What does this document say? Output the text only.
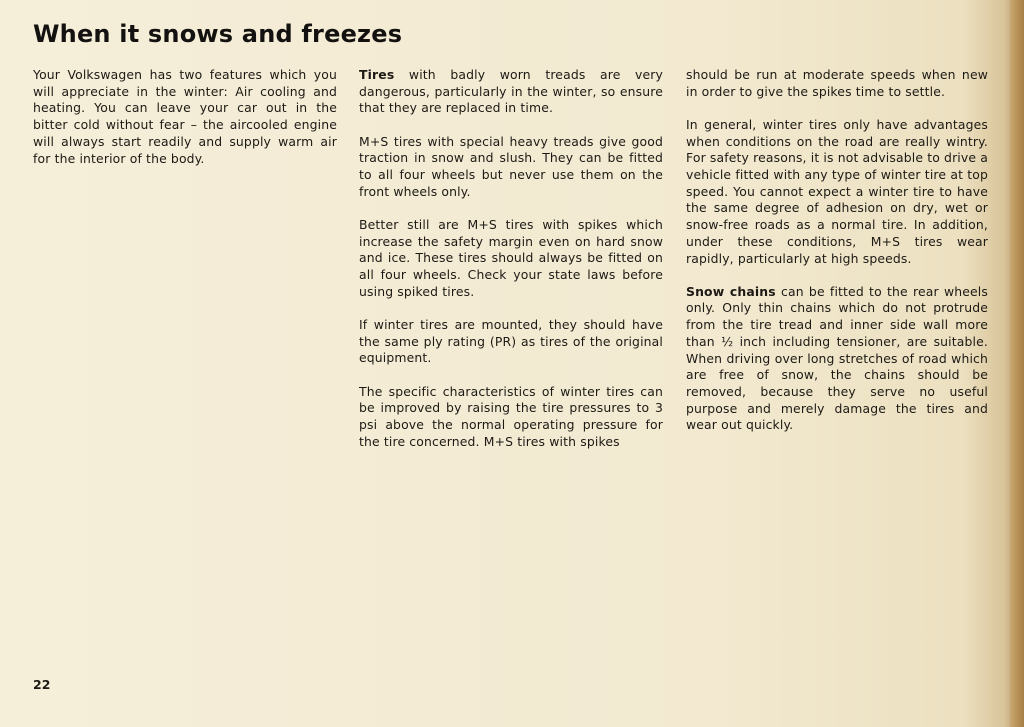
When it snows and freezes

Your Volkswagen has two features which you will appreciate in the winter: Air cooling and heating. You can leave your car out in the bitter cold without fear – the aircooled engine will always start readily and supply warm air for the interior of the body.

Tires with badly worn treads are very dangerous, particularly in the winter, so ensure that they are replaced in time.

M+S tires with special heavy treads give good traction in snow and slush. They can be fitted to all four wheels but never use them on the front wheels only.

Better still are M+S tires with spikes which increase the safety margin even on hard snow and ice. These tires should always be fitted on all four wheels. Check your state laws before using spiked tires.

If winter tires are mounted, they should have the same ply rating (PR) as tires of the original equipment.

The specific characteristics of winter tires can be improved by raising the tire pressures to 3 psi above the normal operating pressure for the tire concerned. M+S tires with spikes

should be run at moderate speeds when new in order to give the spikes time to settle.

In general, winter tires only have advantages when conditions on the road are really wintry. For safety reasons, it is not advisable to drive a vehicle fitted with any type of winter tire at top speed. You cannot expect a winter tire to have the same degree of adhesion on dry, wet or snow-free roads as a normal tire. In addition, under these conditions, M+S tires wear rapidly, particularly at high speeds.

Snow chains can be fitted to the rear wheels only. Only thin chains which do not protrude from the tire tread and inner side wall more than ½ inch including tensioner, are suitable. When driving over long stretches of road which are free of snow, the chains should be removed, because they serve no useful purpose and merely damage the tires and wear out quickly.

22
